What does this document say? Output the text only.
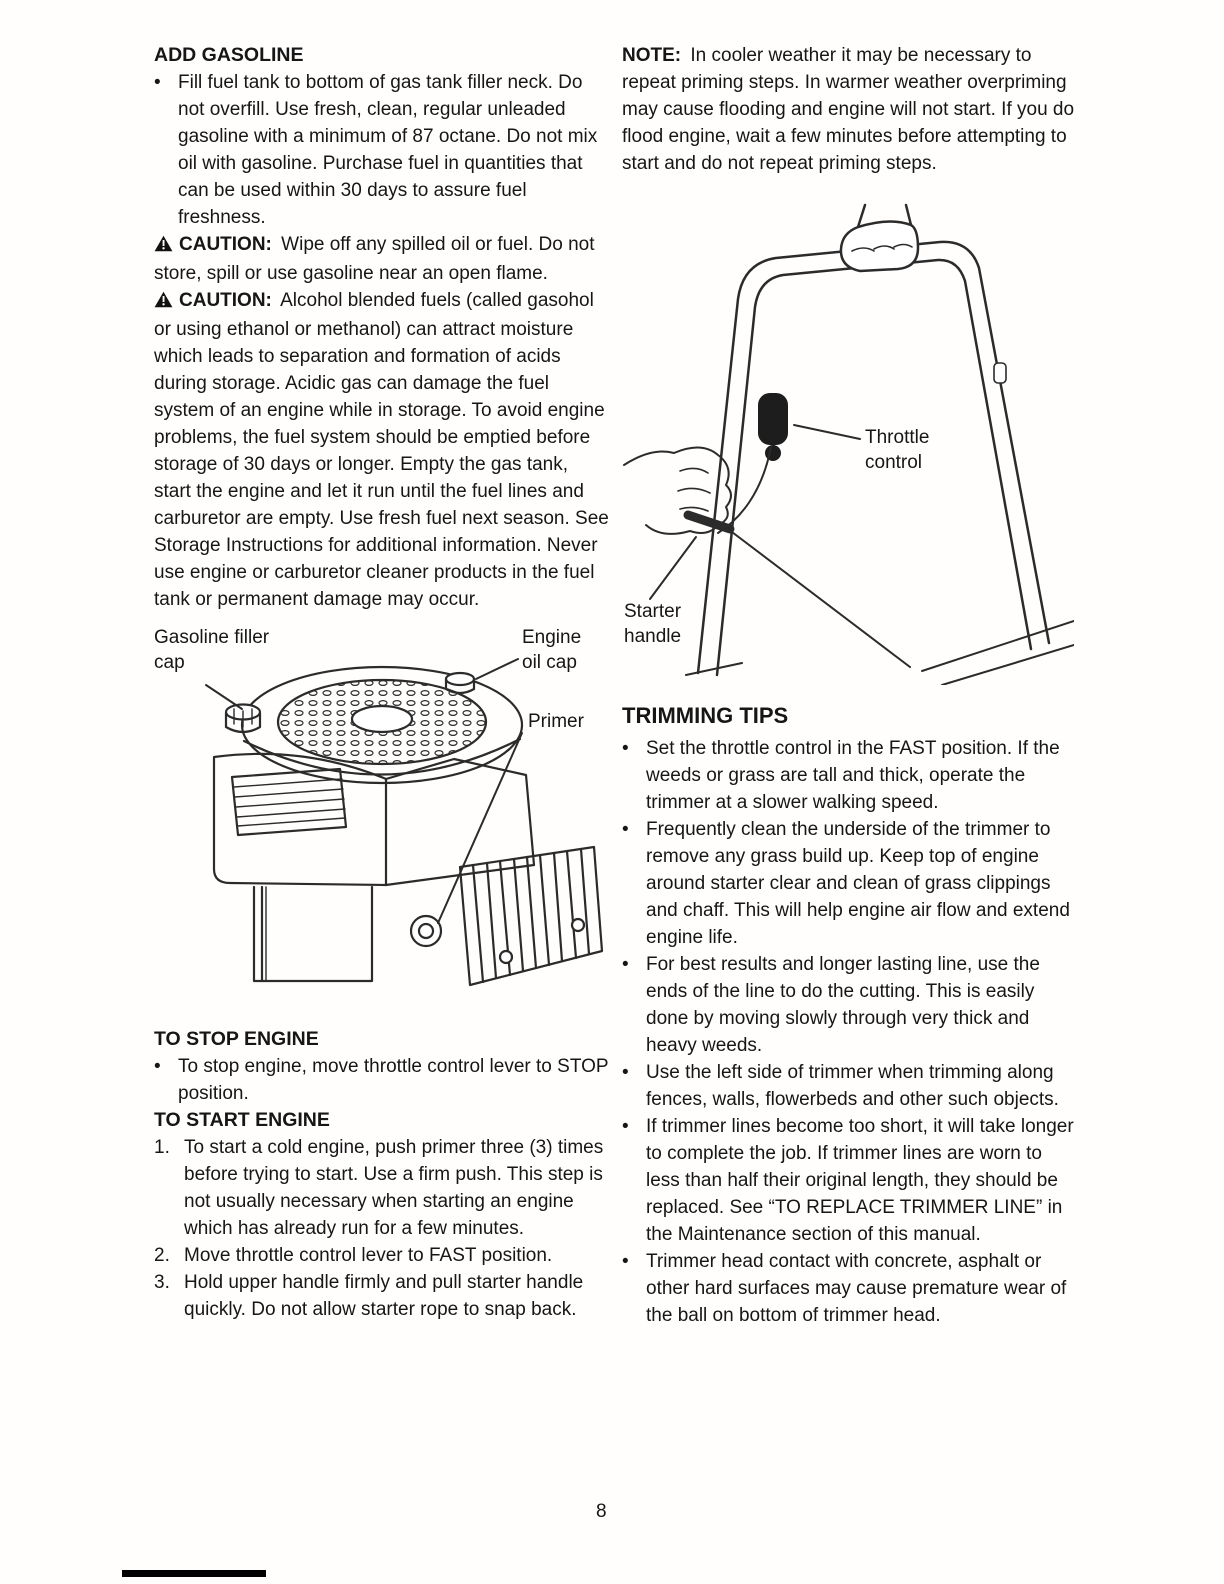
ADD GASOLINE
• Fill fuel tank to bottom of gas tank filler neck. Do not overfill. Use fresh, clean, regular unleaded gasoline with a minimum of 87 octane. Do not mix oil with gasoline. Purchase fuel in quantities that can be used within 30 days to assure fuel freshness.

CAUTION: Wipe off any spilled oil or fuel. Do not store, spill or use gasoline near an open flame.

CAUTION: Alcohol blended fuels (called gasohol or using ethanol or methanol) can attract moisture which leads to separation and formation of acids during storage. Acidic gas can damage the fuel system of an engine while in storage. To avoid engine problems, the fuel system should be emptied before storage of 30 days or longer. Empty the gas tank, start the engine and let it run until the fuel lines and carburetor are empty. Use fresh fuel next season. See Storage Instructions for additional information. Never use engine or carburetor cleaner products in the fuel tank or permanent damage may occur.

Gasoline filler cap
Engine oil cap
Primer
TO STOP ENGINE
• To stop engine, move throttle control lever to STOP position.

TO START ENGINE
1. To start a cold engine, push primer three (3) times before trying to start. Use a firm push. This step is not usually necessary when starting an engine which has already run for a few minutes.

2. Move throttle control lever to FAST position.

3. Hold upper handle firmly and pull starter handle quickly. Do not allow starter rope to snap back.

NOTE: In cooler weather it may be necessary to repeat priming steps. In warmer weather overpriming may cause flooding and engine will not start. If you do flood engine, wait a few minutes before attempting to start and do not repeat priming steps.

Throttle control
Starter handle
TRIMMING TIPS
• Set the throttle control in the FAST position. If the weeds or grass are tall and thick, operate the trimmer at a slower walking speed.

• Frequently clean the underside of the trimmer to remove any grass build up. Keep top of engine around starter clear and clean of grass clippings and chaff. This will help engine air flow and extend engine life.

• For best results and longer lasting line, use the ends of the line to do the cutting. This is easily done by moving slowly through very thick and heavy weeds.

• Use the left side of trimmer when trimming along fences, walls, flowerbeds and other such objects.

• If trimmer lines become too short, it will take longer to complete the job. If trimmer lines are worn to less than half their original length, they should be replaced. See “TO REPLACE TRIMMER LINE” in the Maintenance section of this manual.

• Trimmer head contact with concrete, asphalt or other hard surfaces may cause premature wear of the ball on bottom of trimmer head.

8
